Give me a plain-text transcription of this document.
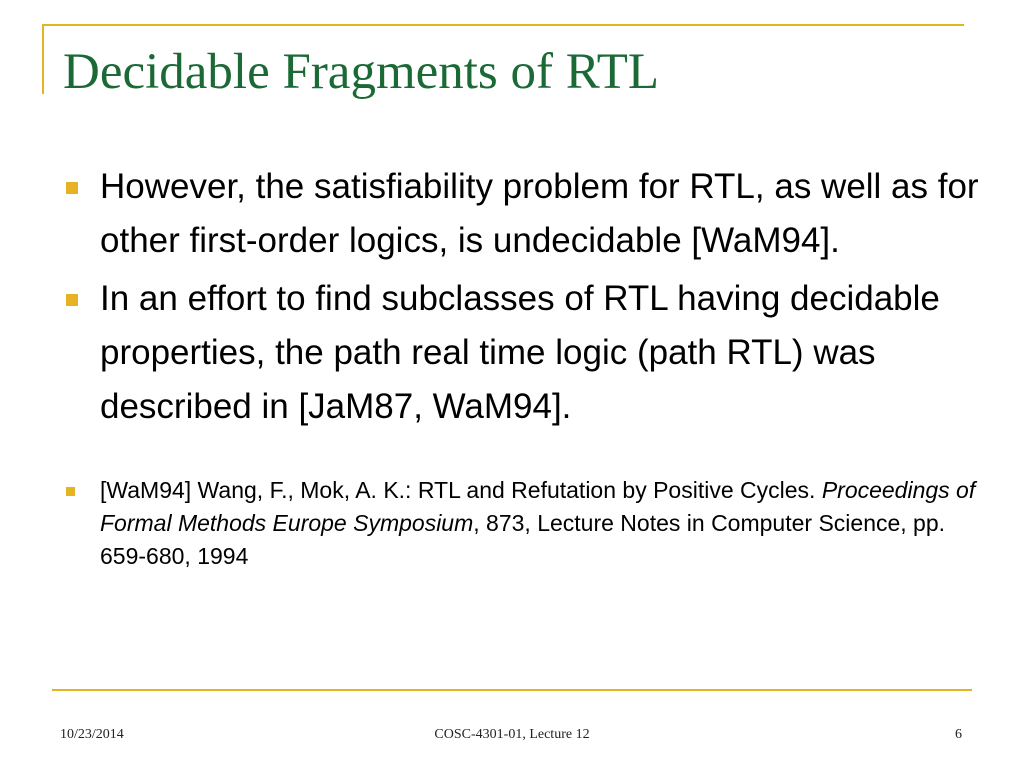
Decidable Fragments of RTL
However, the satisfiability problem for RTL, as well as for other first-order logics, is undecidable [WaM94].
In an effort to find subclasses of RTL having decidable properties, the path real time logic (path RTL) was described in [JaM87, WaM94].
[WaM94] Wang, F., Mok, A. K.: RTL and Refutation by Positive Cycles. Proceedings of Formal Methods Europe Symposium, 873, Lecture Notes in Computer Science, pp. 659-680, 1994
10/23/2014	COSC-4301-01, Lecture 12	6
